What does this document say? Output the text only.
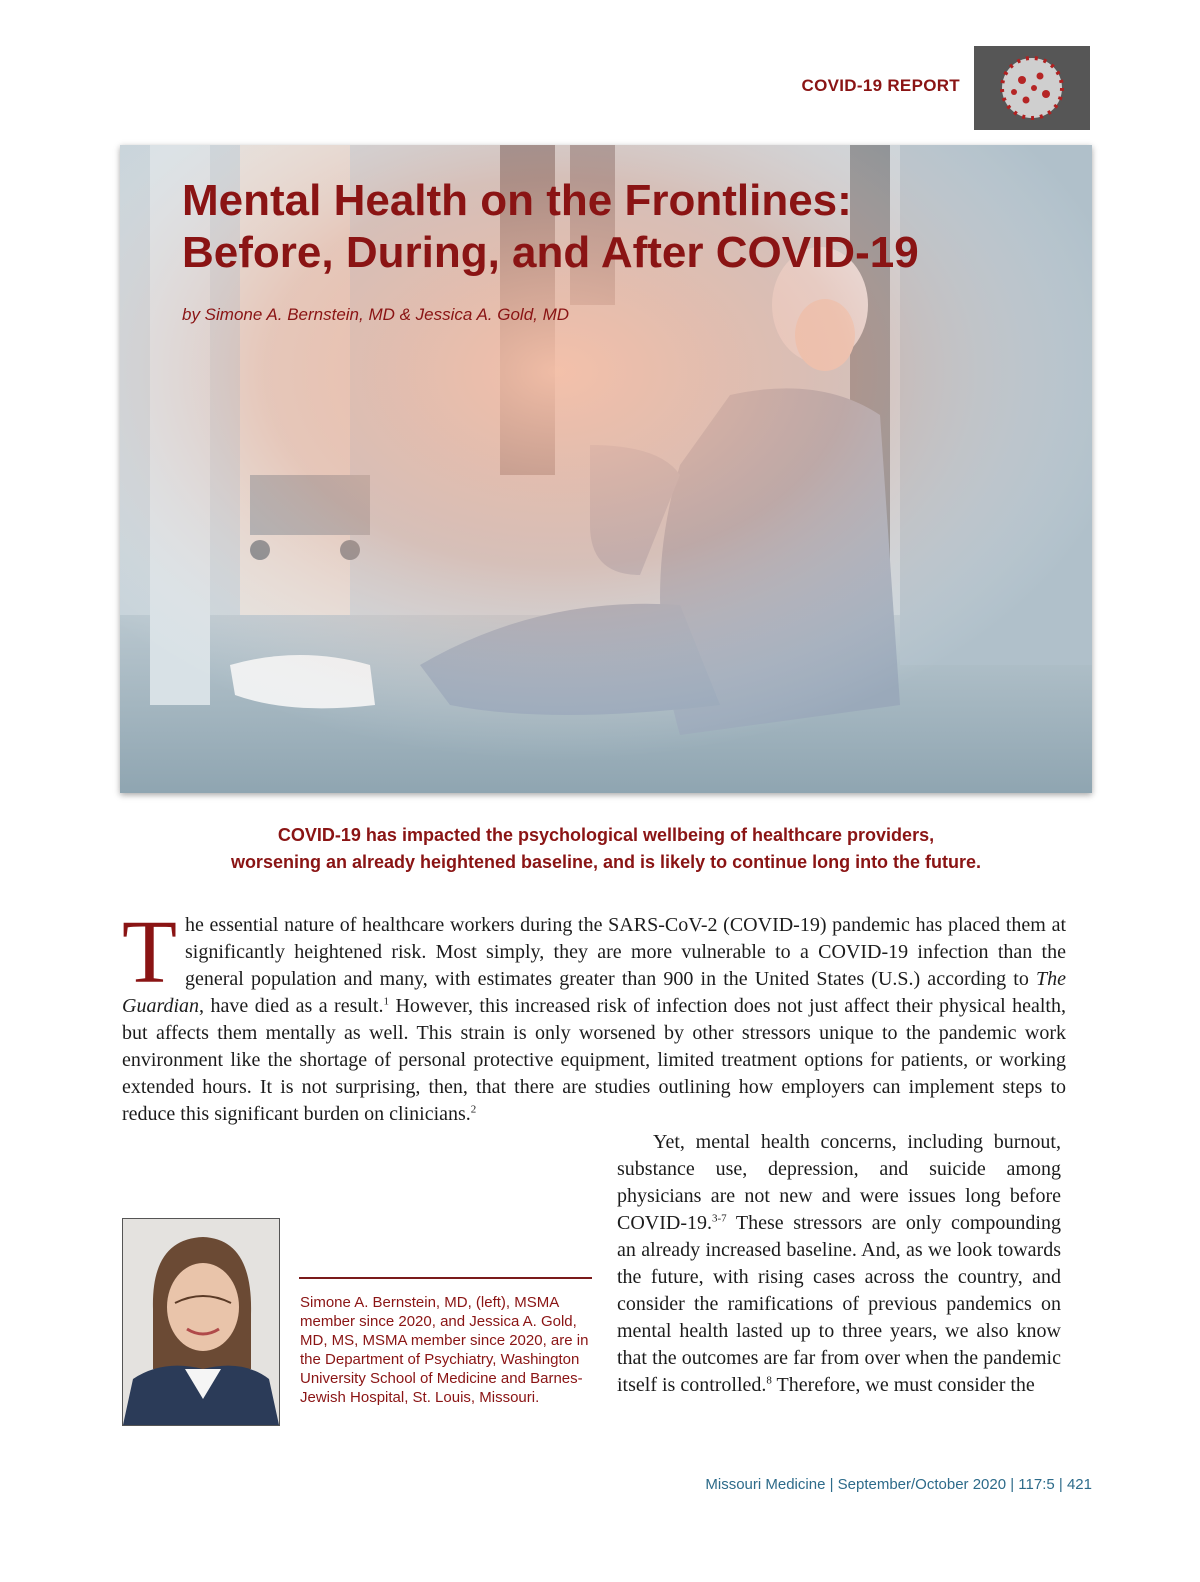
COVID-19 REPORT
Mental Health on the Frontlines:
Before, During, and After COVID-19
by Simone A. Bernstein, MD & Jessica A. Gold, MD
COVID-19 has impacted the psychological wellbeing of healthcare providers,
worsening an already heightened baseline, and is likely to continue long into the future.
The essential nature of healthcare workers during the SARS-CoV-2 (COVID-19) pandemic has placed them at significantly heightened risk. Most simply, they are more vulnerable to a COVID-19 infection than the general population and many, with estimates greater than 900 in the United States (U.S.) according to The Guardian, have died as a result.$^1$ However, this increased risk of infection does not just affect their physical health, but affects them mentally as well. This strain is only worsened by other stressors unique to the pandemic work environment like the shortage of personal protective equipment, limited treatment options for patients, or working extended hours. It is not surprising, then, that there are studies outlining how employers can implement steps to reduce this significant burden on clinicians.$^2$
Yet, mental health concerns, including burnout, substance use, depression, and suicide among physicians are not new and were issues long before COVID-19.$^{3-7}$ These stressors are only compounding an already increased baseline. And, as we look towards the future, with rising cases across the country, and consider the ramifications of previous pandemics on mental health lasted up to three years, we also know that the outcomes are far from over when the pandemic itself is controlled.$^8$ Therefore, we must consider the
Simone A. Bernstein, MD, (left), MSMA member since 2020, and Jessica A. Gold, MD, MS, MSMA member since 2020, are in the Department of Psychiatry, Washington University School of Medicine and Barnes-Jewish Hospital, St. Louis, Missouri.
Missouri Medicine | September/October 2020 | 117:5 | 421
